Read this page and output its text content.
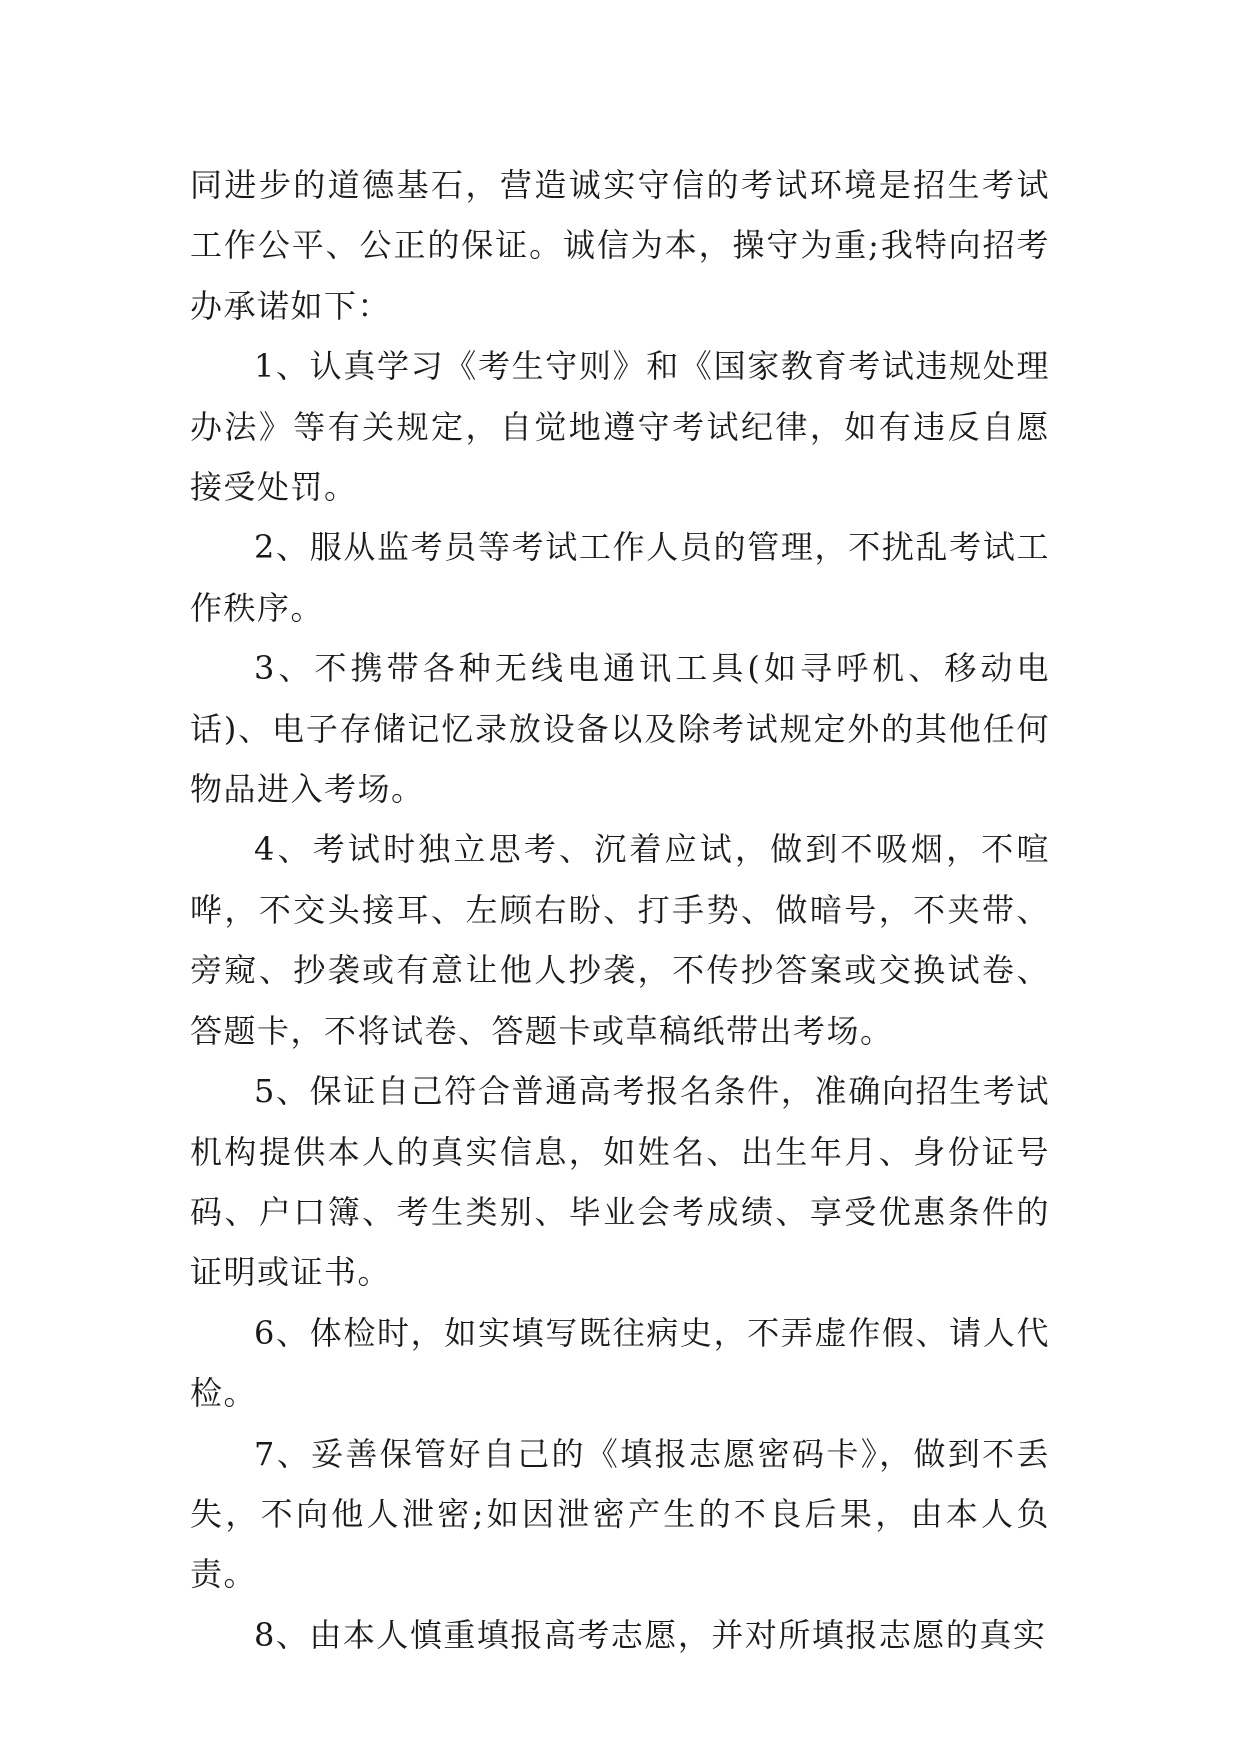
同进步的道德基石，营造诚实守信的考试环境是招生考试工作公平、公正的保证。诚信为本，操守为重;我特向招考办承诺如下：

1、认真学习《考生守则》和《国家教育考试违规处理办法》等有关规定，自觉地遵守考试纪律，如有违反自愿接受处罚。

2、服从监考员等考试工作人员的管理，不扰乱考试工作秩序。

3、不携带各种无线电通讯工具(如寻呼机、移动电话)、电子存储记忆录放设备以及除考试规定外的其他任何物品进入考场。

4、考试时独立思考、沉着应试，做到不吸烟，不喧哗，不交头接耳、左顾右盼、打手势、做暗号，不夹带、旁窥、抄袭或有意让他人抄袭，不传抄答案或交换试卷、答题卡，不将试卷、答题卡或草稿纸带出考场。

5、保证自己符合普通高考报名条件，准确向招生考试机构提供本人的真实信息，如姓名、出生年月、身份证号码、户口簿、考生类别、毕业会考成绩、享受优惠条件的证明或证书。

6、体检时，如实填写既往病史，不弄虚作假、请人代检。

7、妥善保管好自己的《填报志愿密码卡》，做到不丢失，不向他人泄密;如因泄密产生的不良后果，由本人负责。

8、由本人慎重填报高考志愿，并对所填报志愿的真实
